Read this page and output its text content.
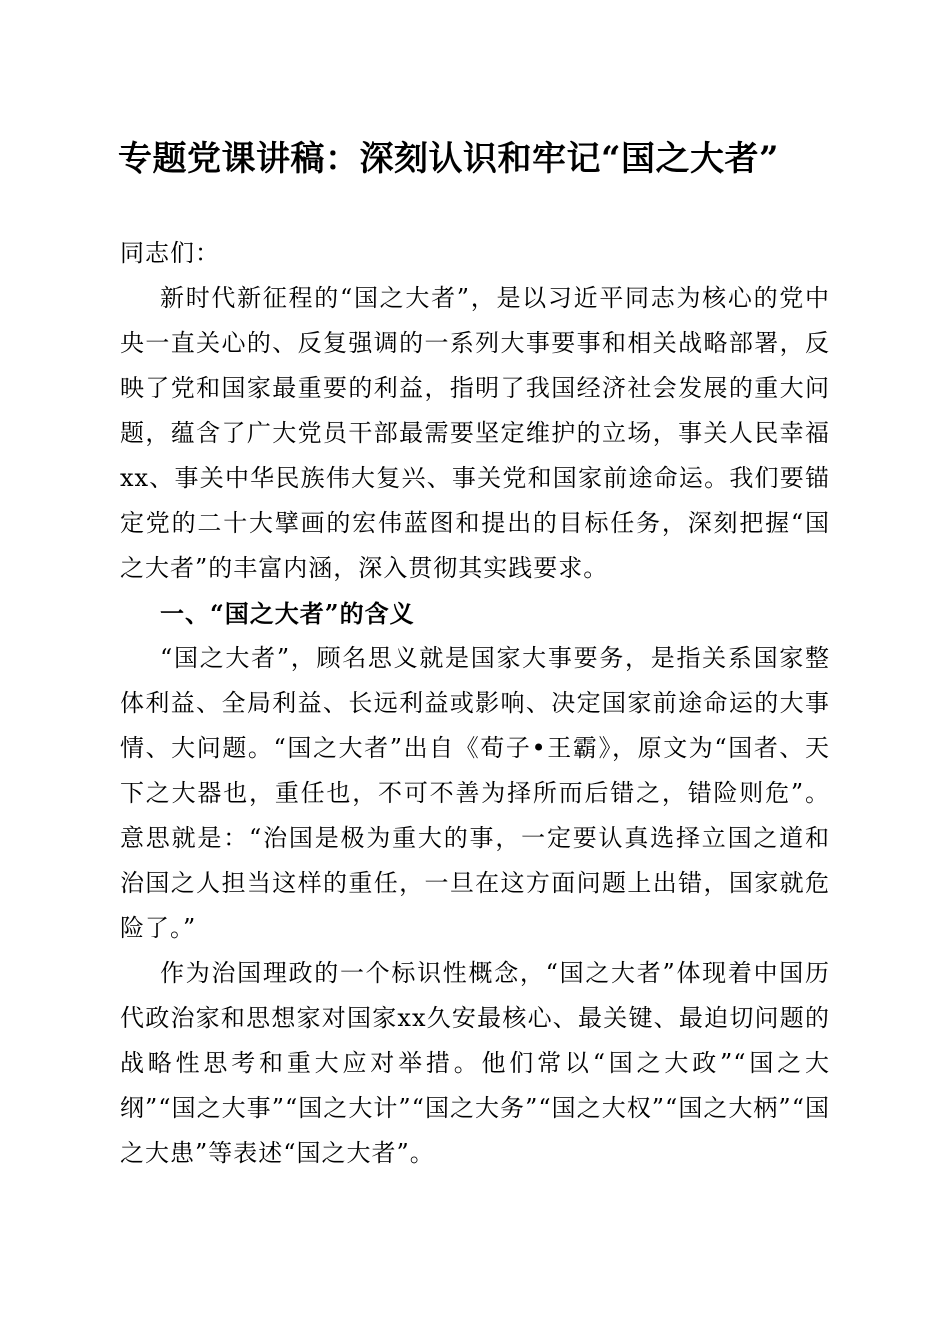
专题党课讲稿：深刻认识和牢记“国之大者”

同志们：

新时代新征程的“国之大者”，是以习近平同志为核心的党中央一直关心的、反复强调的一系列大事要事和相关战略部署，反映了党和国家最重要的利益，指明了我国经济社会发展的重大问题，蕴含了广大党员干部最需要坚定维护的立场，事关人民幸福xx、事关中华民族伟大复兴、事关党和国家前途命运。我们要锚定党的二十大擘画的宏伟蓝图和提出的目标任务，深刻把握“国之大者”的丰富内涵，深入贯彻其实践要求。

一、“国之大者”的含义

“国之大者”，顾名思义就是国家大事要务，是指关系国家整体利益、全局利益、长远利益或影响、决定国家前途命运的大事情、大问题。“国之大者”出自《荀子•王霸》，原文为“国者、天下之大器也，重任也，不可不善为择所而后错之，错险则危”。意思就是：“治国是极为重大的事，一定要认真选择立国之道和治国之人担当这样的重任，一旦在这方面问题上出错，国家就危险了。”

作为治国理政的一个标识性概念，“国之大者”体现着中国历代政治家和思想家对国家xx久安最核心、最关键、最迫切问题的战略性思考和重大应对举措。他们常以“国之大政”“国之大纲”“国之大事”“国之大计”“国之大务”“国之大权”“国之大柄”“国之大患”等表述“国之大者”。
